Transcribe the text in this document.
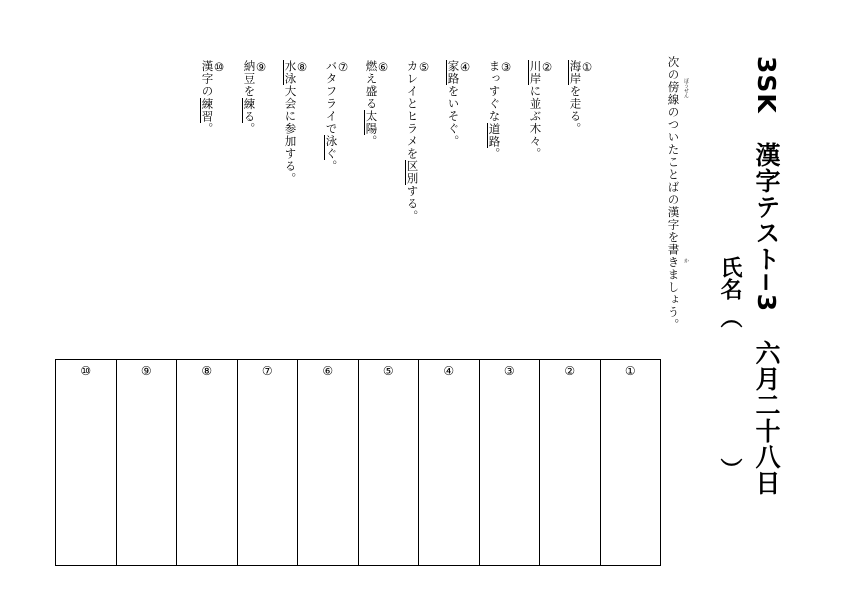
3SK漢字テスト−3六月二十八日
氏名（）
次の傍線のついたことばの漢字を書きましょう。
ぼうせん
か
①
海岸を走る。
②
川岸に並ぶ木々。
③
まっすぐな道路。
④
家路をいそぐ。
⑤
カレイとヒラメを区別する。
⑥
燃え盛る太陽。
⑦
バタフライで泳ぐ。
⑧
水泳大会に参加する。
⑨
納豆を練る。
⑩
漢字の練習。
⑩	⑨	⑧	⑦	⑥	⑤	④	③	②	①
